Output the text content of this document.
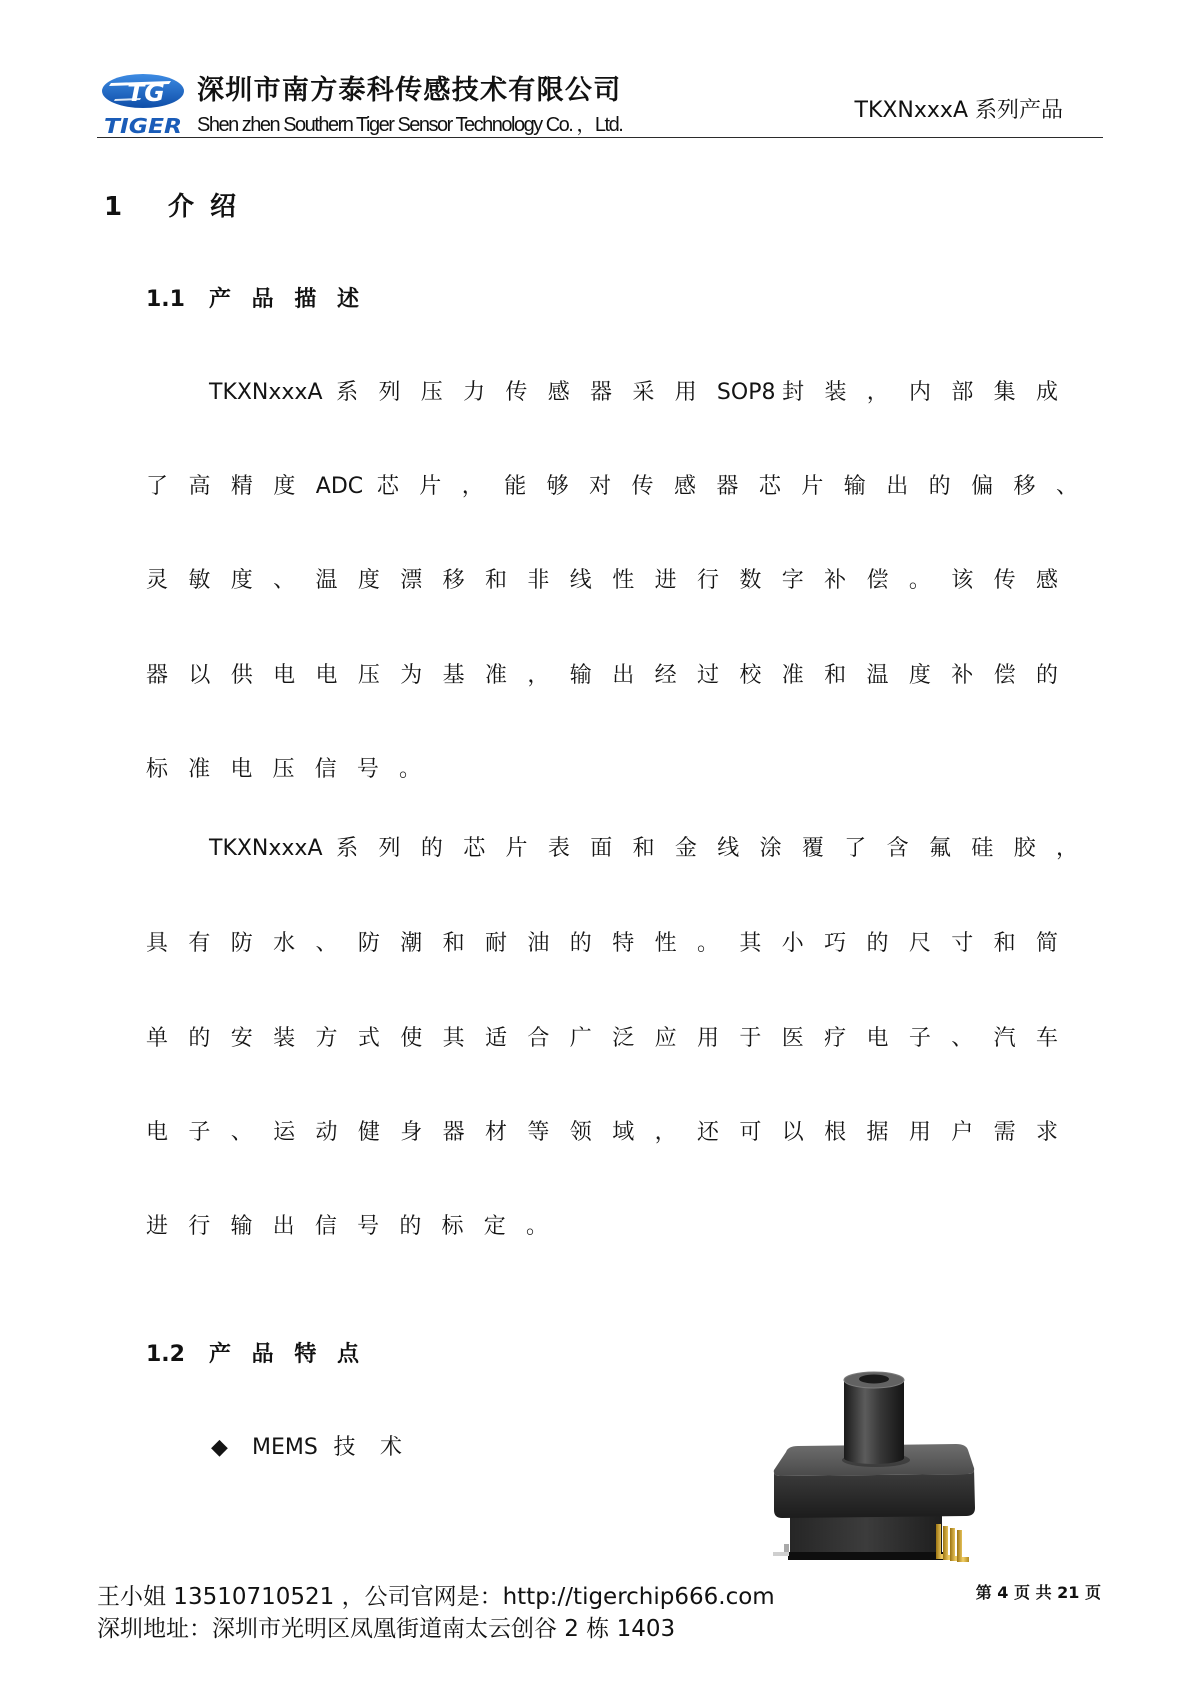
TG
TIGER
深圳市南方泰科传感技术有限公司
Shen zhen Southern Tiger Sensor Technology Co. ，Ltd.
TKXNxxxA 系列产品
1 介 绍
1.1 产 品 描 述
TKXNxxxA 系 列 压 力 传 感 器 采 用 SOP8封 装 ， 内 部 集 成
了 高 精 度 ADC 芯 片 ， 能 够 对 传 感 器 芯 片 输 出 的 偏 移 、
灵 敏 度 、 温 度 漂 移 和 非 线 性 进 行 数 字 补 偿 。 该 传 感
器 以 供 电 电 压 为 基 准 ， 输 出 经 过 校 准 和 温 度 补 偿 的
标 准 电 压 信 号 。
TKXNxxxA 系 列 的 芯 片 表 面 和 金 线 涂 覆 了 含 氟 硅 胶 ，
具 有 防 水 、 防 潮 和 耐 油 的 特 性 。 其 小 巧 的 尺 寸 和 简
单 的 安 装 方 式 使 其 适 合 广 泛 应 用 于 医 疗 电 子 、 汽 车
电 子 、 运 动 健 身 器 材 等 领 域 ， 还 可 以 根 据 用 户 需 求
进 行 输 出 信 号 的 标 定 。
1.2 产 品 特 点
◆ MEMS 技 术
王小姐 13510710521 ，公司官网是：http://tigerchip666.com
深圳地址：深圳市光明区凤凰街道南太云创谷 2 栋 1403
第 4 页 共 21 页
